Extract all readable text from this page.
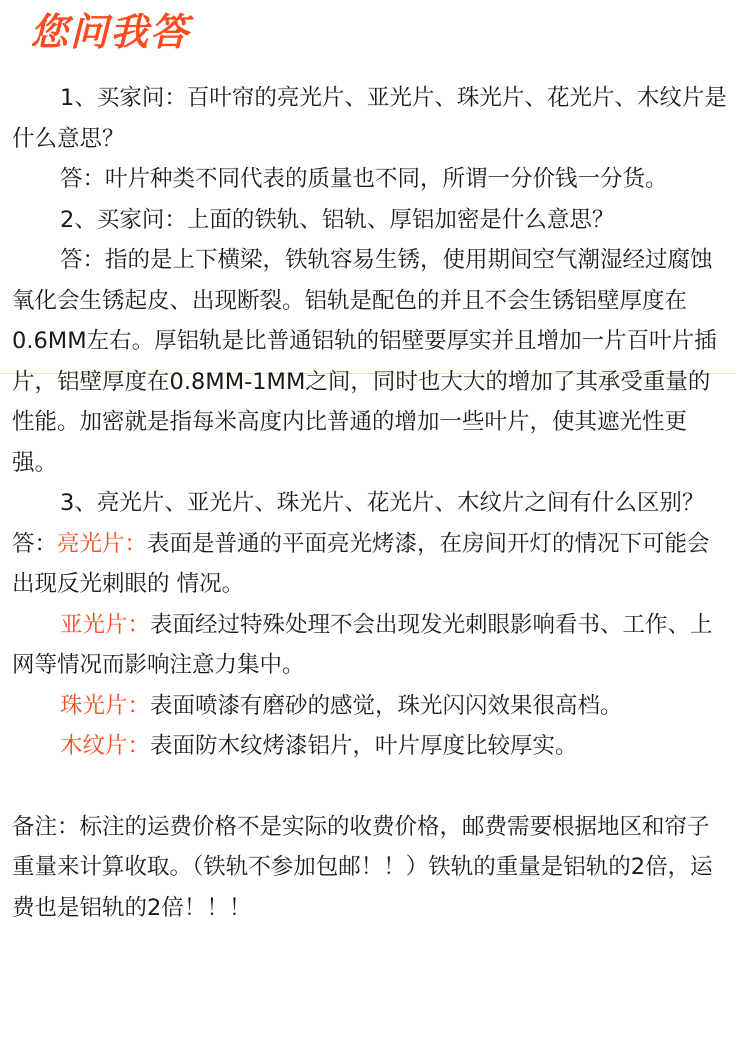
您问我答

1、买家问：百叶帘的亮光片、亚光片、珠光片、花光片、木纹片是什么意思？

答：叶片种类不同代表的质量也不同，所谓一分价钱一分货。

2、买家问：上面的铁轨、铝轨、厚铝加密是什么意思？

答：指的是上下横梁，铁轨容易生锈，使用期间空气潮湿经过腐蚀氧化会生锈起皮、出现断裂。铝轨是配色的并且不会生锈铝壁厚度在0.6MM左右。厚铝轨是比普通铝轨的铝壁要厚实并且增加一片百叶片插片，铝壁厚度在0.8MM-1MM之间，同时也大大的增加了其承受重量的性能。加密就是指每米高度内比普通的增加一些叶片，使其遮光性更强。

3、亮光片、亚光片、珠光片、花光片、木纹片之间有什么区别？

答：亮光片：表面是普通的平面亮光烤漆，在房间开灯的情况下可能会出现反光刺眼的 情况。

亚光片：表面经过特殊处理不会出现发光刺眼影响看书、工作、上网等情况而影响注意力集中。

珠光片：表面喷漆有磨砂的感觉，珠光闪闪效果很高档。

木纹片：表面防木纹烤漆铝片，叶片厚度比较厚实。

备注：标注的运费价格不是实际的收费价格，邮费需要根据地区和帘子重量来计算收取。（铁轨不参加包邮！！）铁轨的重量是铝轨的2倍，运费也是铝轨的2倍！！！
